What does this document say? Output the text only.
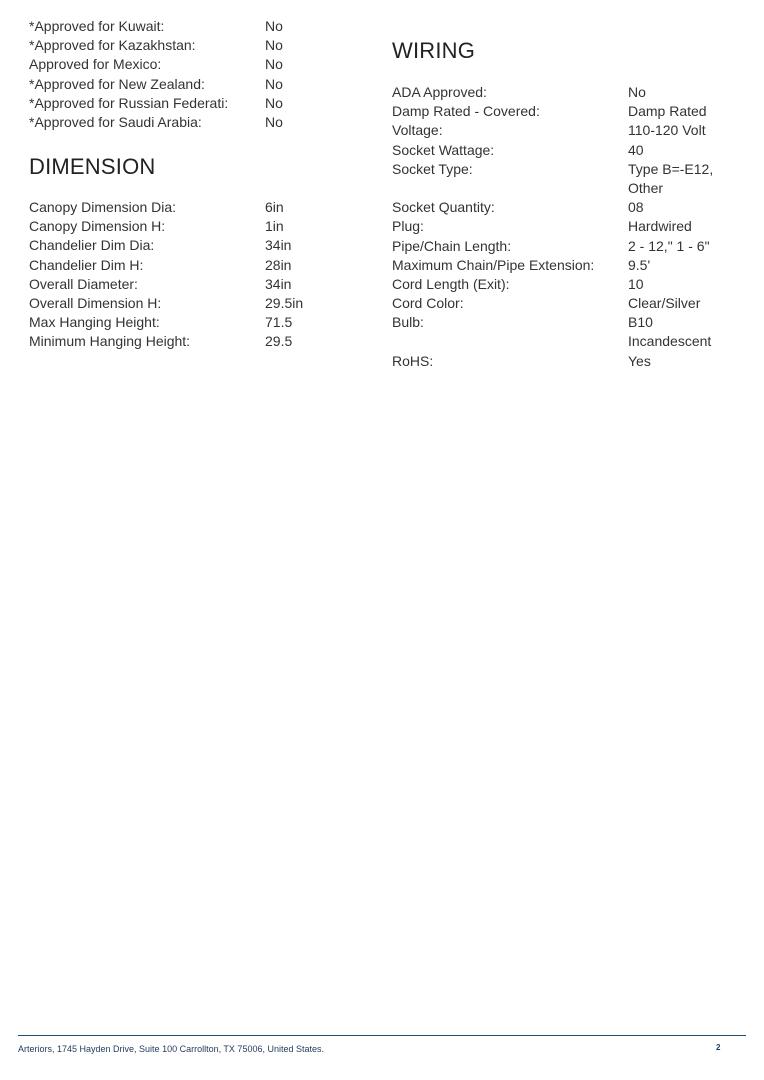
*Approved for Kuwait:	No
*Approved for Kazakhstan:	No
Approved for Mexico:	No
*Approved for New Zealand:	No
*Approved for Russian Federati:	No
*Approved for Saudi Arabia:	No
DIMENSION
Canopy Dimension Dia:	6in
Canopy Dimension H:	1in
Chandelier Dim Dia:	34in
Chandelier Dim H:	28in
Overall Diameter:	34in
Overall Dimension H:	29.5in
Max Hanging Height:	71.5
Minimum Hanging Height:	29.5
WIRING
ADA Approved:	No
Damp Rated - Covered:	Damp Rated
Voltage:	110-120 Volt
Socket Wattage:	40
Socket Type:	Type B=-E12,
Other
Socket Quantity:	08
Plug:	Hardwired
Pipe/Chain Length:	2 - 12," 1 - 6"
Maximum Chain/Pipe Extension: 9.5'
Cord Length (Exit):	10
Cord Color:	Clear/Silver
Bulb:	B10
Incandescent
RoHS:	Yes
Arteriors, 1745 Hayden Drive, Suite 100 Carrollton, TX 75006, United States.	2
